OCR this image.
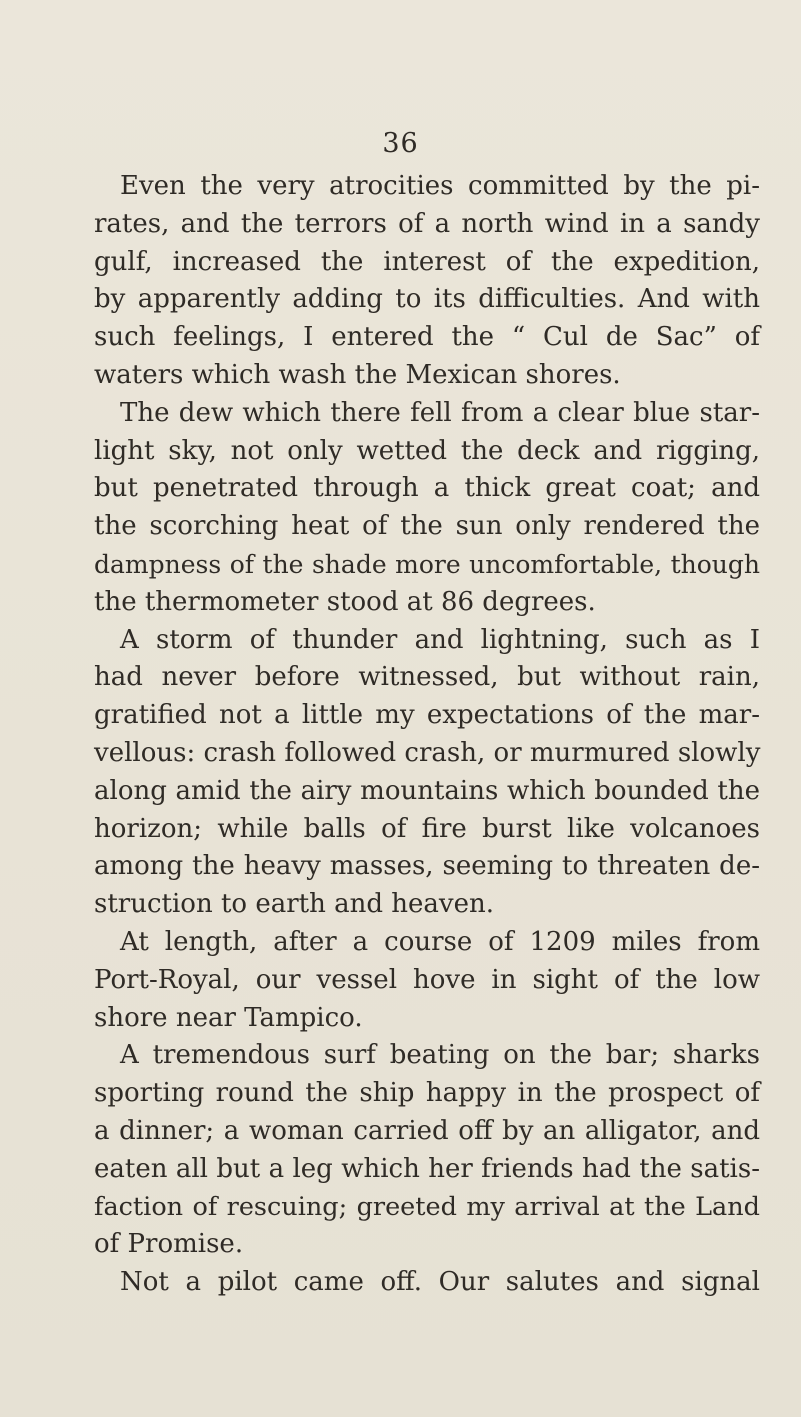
36
Even the very atrocities committed by the pi-
rates, and the terrors of a north wind in a sandy
gulf, increased the interest of the expedition,
by apparently adding to its difficulties. And with
such feelings, I entered the “ Cul de Sac” of
waters which wash the Mexican shores.
The dew which there fell from a clear blue star-
light sky, not only wetted the deck and rigging,
but penetrated through a thick great coat; and
the scorching heat of the sun only rendered the
dampness of the shade more uncomfortable, though
the thermometer stood at 86 degrees.
A storm of thunder and lightning, such as I
had never before witnessed, but without rain,
gratified not a little my expectations of the mar-
vellous: crash followed crash, or murmured slowly
along amid the airy mountains which bounded the
horizon; while balls of fire burst like volcanoes
among the heavy masses, seeming to threaten de-
struction to earth and heaven.
At length, after a course of 1209 miles from
Port-Royal, our vessel hove in sight of the low
shore near Tampico.
A tremendous surf beating on the bar; sharks
sporting round the ship happy in the prospect of
a dinner; a woman carried off by an alligator, and
eaten all but a leg which her friends had the satis-
faction of rescuing; greeted my arrival at the Land
of Promise.
Not a pilot came off. Our salutes and signal
